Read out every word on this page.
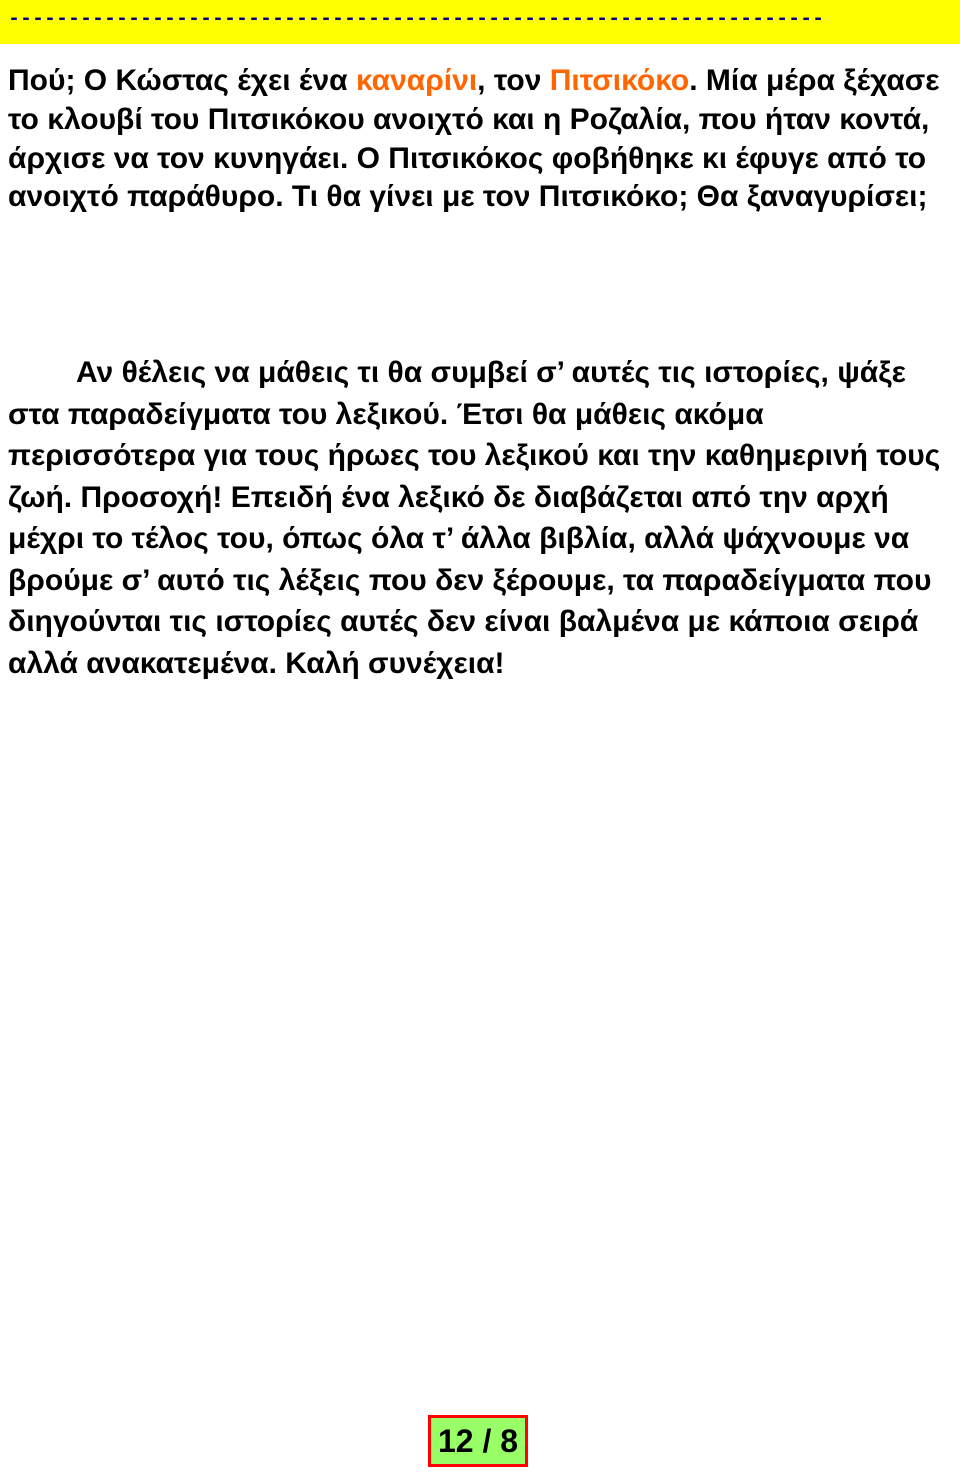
--------------------------------------------------------------------

Πού; Ο Κώστας έχει ένα καναρίνι, τον Πιτσικόκο. Μία μέρα ξέχασε το κλουβί του Πιτσικόκου ανοιχτό και η Ροζαλία, που ήταν κοντά, άρχισε να τον κυνηγάει. Ο Πιτσικόκος φοβήθηκε κι έφυγε από το ανοιχτό παράθυρο. Τι θα γίνει με τον Πιτσικόκο; Θα ξαναγυρίσει;

Αν θέλεις να μάθεις τι θα συμβεί σ’ αυτές τις ιστορίες, ψάξε στα παραδείγματα του λεξικού. Έτσι θα μάθεις ακόμα περισσότερα για τους ήρωες του λεξικού και την καθημερινή τους ζωή. Προσοχή! Επειδή ένα λεξικό δε διαβάζεται από την αρχή μέχρι το τέλος του, όπως όλα τ’ άλλα βιβλία, αλλά ψάχνουμε να βρούμε σ’ αυτό τις λέξεις που δεν ξέρουμε, τα παραδείγματα που διηγούνται τις ιστορίες αυτές δεν είναι βαλμένα με κάποια σειρά αλλά ανακατεμένα. Καλή συνέχεια!
12 / 8
